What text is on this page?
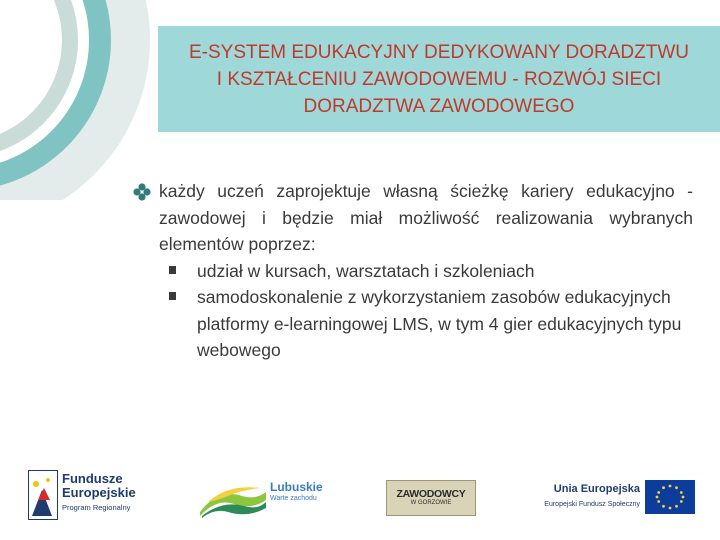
E-SYSTEM EDUKACYJNY DEDYKOWANY DORADZTWU
I KSZTAŁCENIU ZAWODOWEMU - ROZWÓJ SIECI
DORADZTWA ZAWODOWEGO
każdy uczeń zaprojektuje własną ścieżkę kariery edukacyjno -zawodowej i będzie miał możliwość realizowania wybranych elementów poprzez:
udział w kursach, warsztatach i szkoleniach
samodoskonalenie z wykorzystaniem zasobów edukacyjnych platformy e-learningowej LMS, w tym 4 gier edukacyjnych typu webowego
Fundusze
Europejskie
Program Regionalny
Lubuskie
Warte zachodu	ZAWODOWCY
W GORZOWIE
Unia Europejska
Europejski Fundusz Społeczny
